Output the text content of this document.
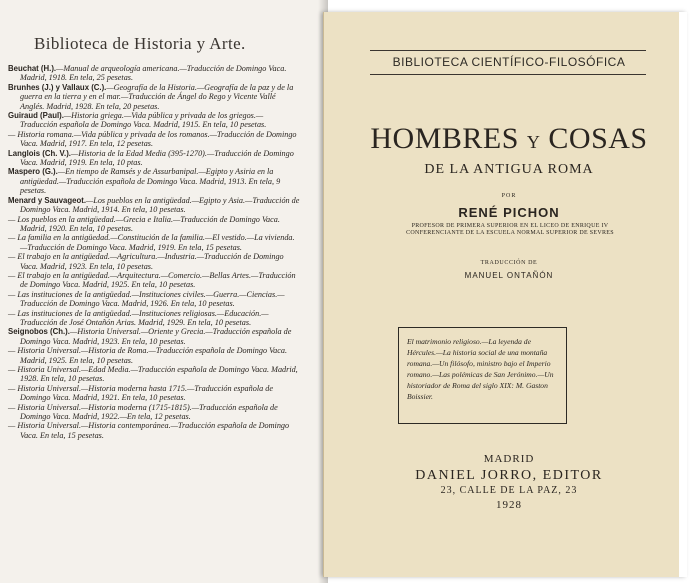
Biblioteca de Historia y Arte.

Beuchat (H.).—Manual de arqueología americana.—Traducción de Domingo Vaca. Madrid, 1918. En tela, 25 pesetas.

Brunhes (J.) y Vallaux (C.).—Geografía de la Historia.—Geografía de la paz y de la guerra en la tierra y en el mar.—Traducción de Ángel do Rego y Vicente Vallé Anglés. Madrid, 1928. En tela, 20 pesetas.

Guiraud (Paul).—Historia griega.—Vida pública y privada de los griegos.—Traducción española de Domingo Vaca. Madrid, 1915. En tela, 10 pesetas.

— Historia romana.—Vida pública y privada de los romanos.—Traducción de Domingo Vaca. Madrid, 1917. En tela, 12 pesetas.

Langlois (Ch. V.).—Historia de la Edad Media (395-1270).—Traducción de Domingo Vaca. Madrid, 1919. En tela, 10 ptas.

Maspero (G.).—En tiempo de Ramsés y de Assurbanipal.—Egipto y Asiria en la antigüedad.—Traducción española de Domingo Vaca. Madrid, 1913. En tela, 9 pesetas.

Menard y Sauvageot.—Los pueblos en la antigüedad.—Egipto y Asia.—Traducción de Domingo Vaca. Madrid, 1914. En tela, 10 pesetas.

— Los pueblos en la antigüedad.—Grecia e Italia.—Traducción de Domingo Vaca. Madrid, 1920. En tela, 10 pesetas.

— La familia en la antigüedad.—Constitución de la familia.—El vestido.—La vivienda.—Traducción de Domingo Vaca. Madrid, 1919. En tela, 15 pesetas.

— El trabajo en la antigüedad.—Agricultura.—Industria.—Traducción de Domingo Vaca. Madrid, 1923. En tela, 10 pesetas.

— El trabajo en la antigüedad.—Arquitectura.—Comercio.—Bellas Artes.—Traducción de Domingo Vaca. Madrid, 1925. En tela, 10 pesetas.

— Las instituciones de la antigüedad.—Instituciones civiles.—Guerra.—Ciencias.—Traducción de Domingo Vaca. Madrid, 1926. En tela, 10 pesetas.

— Las instituciones de la antigüedad.—Instituciones religiosas.—Educación.—Traducción de José Ontañón Arias. Madrid, 1929. En tela, 10 pesetas.

Seignobos (Ch.).—Historia Universal.—Oriente y Grecia.—Traducción española de Domingo Vaca. Madrid, 1923. En tela, 10 pesetas.

— Historia Universal.—Historia de Roma.—Traducción española de Domingo Vaca. Madrid, 1925. En tela, 10 pesetas.

— Historia Universal.—Edad Media.—Traducción española de Domingo Vaca. Madrid, 1928. En tela, 10 pesetas.

— Historia Universal.—Historia moderna hasta 1715.—Traducción española de Domingo Vaca. Madrid, 1921. En tela, 10 pesetas.

— Historia Universal.—Historia moderna (1715-1815).—Traducción española de Domingo Vaca. Madrid, 1922.—En tela, 12 pesetas.

— Historia Universal.—Historia contemporánea.—Traducción española de Domingo Vaca. En tela, 15 pesetas.

BIBLIOTECA CIENTÍFICO-FILOSÓFICA
HOMBRES Y COSAS
DE LA ANTIGUA ROMA
POR
RENÉ PICHON
PROFESOR DE PRIMERA SUPERIOR EN EL LICEO DE ENRIQUE IV CONFERENCIANTE DE LA ESCUELA NORMAL SUPERIOR DE SEVRES
TRADUCCIÓN DE
MANUEL ONTAÑÓN
El matrimonio religioso.—La leyenda de Hércules.—La historia social de una montaña romana.—Un filósofo, ministro bajo el Imperio romano.—Las polémicas de San Jerónimo.—Un historiador de Roma del siglo XIX: M. Gaston Boissier.
MADRID
DANIEL JORRO, EDITOR
23, CALLE DE LA PAZ, 23
1928
